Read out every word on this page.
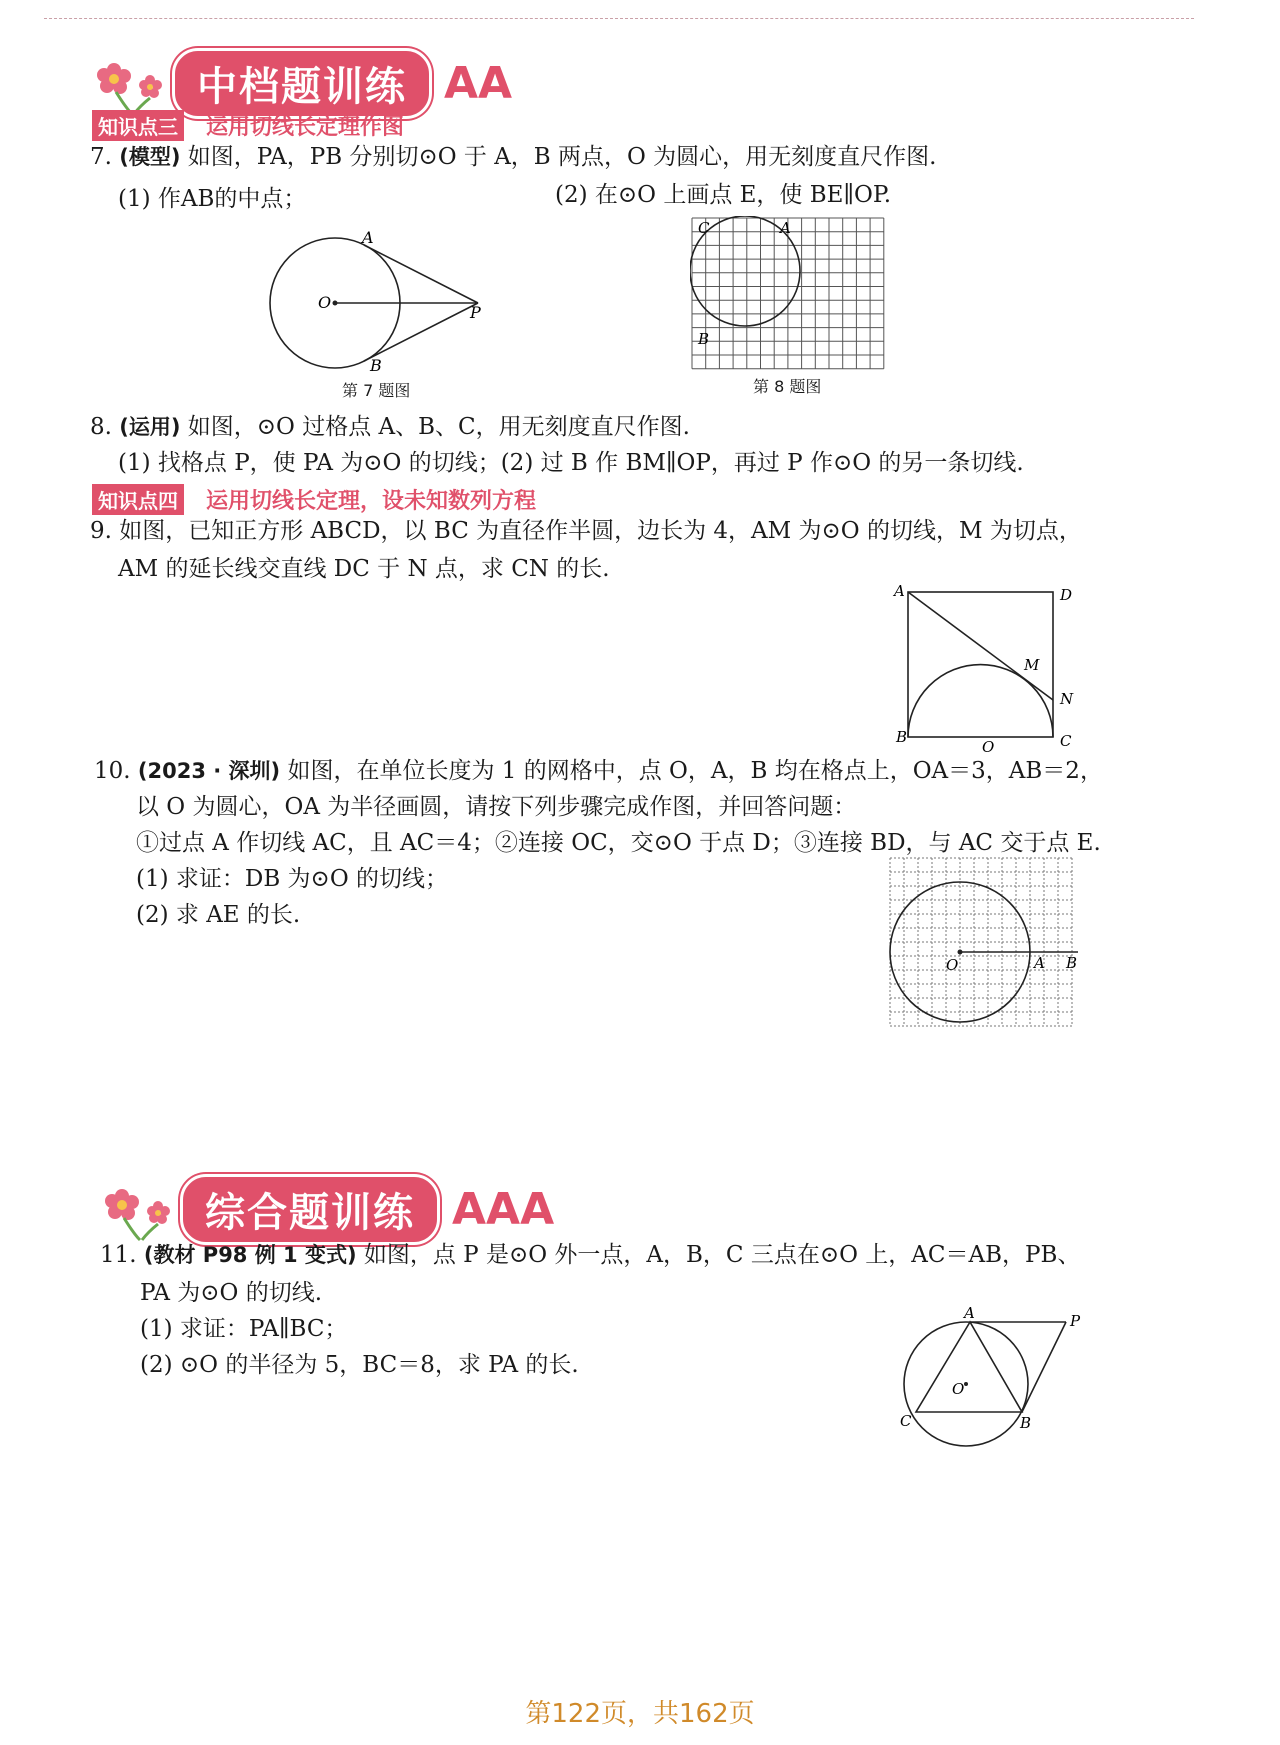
中档题训练 AA
知识点三 运用切线长定理作图
7. (模型) 如图，PA，PB 分别切⊙O 于 A，B 两点，O 为圆心，用无刻度直尺作图.
(1) 作AB的中点；	(2) 在⊙O 上画点 E，使 BE∥OP.
A
B
O
P
第 7 题图
C	A
B
第 8 题图
8. (运用) 如图，⊙O 过格点 A、B、C，用无刻度直尺作图.
(1) 找格点 P，使 PA 为⊙O 的切线；(2) 过 B 作 BM∥OP，再过 P 作⊙O 的另一条切线.
知识点四 运用切线长定理，设未知数列方程
9. 如图，已知正方形 ABCD，以 BC 为直径作半圆，边长为 4，AM 为⊙O 的切线，M 为切点，
AM 的延长线交直线 DC 于 N 点，求 CN 的长.
A	D
M
N
B
O	C
10. (2023 · 深圳) 如图，在单位长度为 1 的网格中，点 O，A，B 均在格点上，OA＝3，AB＝2，
以 O 为圆心，OA 为半径画圆，请按下列步骤完成作图，并回答问题：
①过点 A 作切线 AC，且 AC＝4；②连接 OC，交⊙O 于点 D；③连接 BD，与 AC 交于点 E.
(1) 求证：DB 为⊙O 的切线；
(2) 求 AE 的长.
O	A B
综合题训练 AAA
11. (教材 P98 例 1 变式) 如图，点 P 是⊙O 外一点，A，B，C 三点在⊙O 上，AC＝AB，PB、
PA 为⊙O 的切线.
(1) 求证：PA∥BC；
(2) ⊙O 的半径为 5，BC＝8，求 PA 的长.
A	P
O
C	B
第122页，共162页
